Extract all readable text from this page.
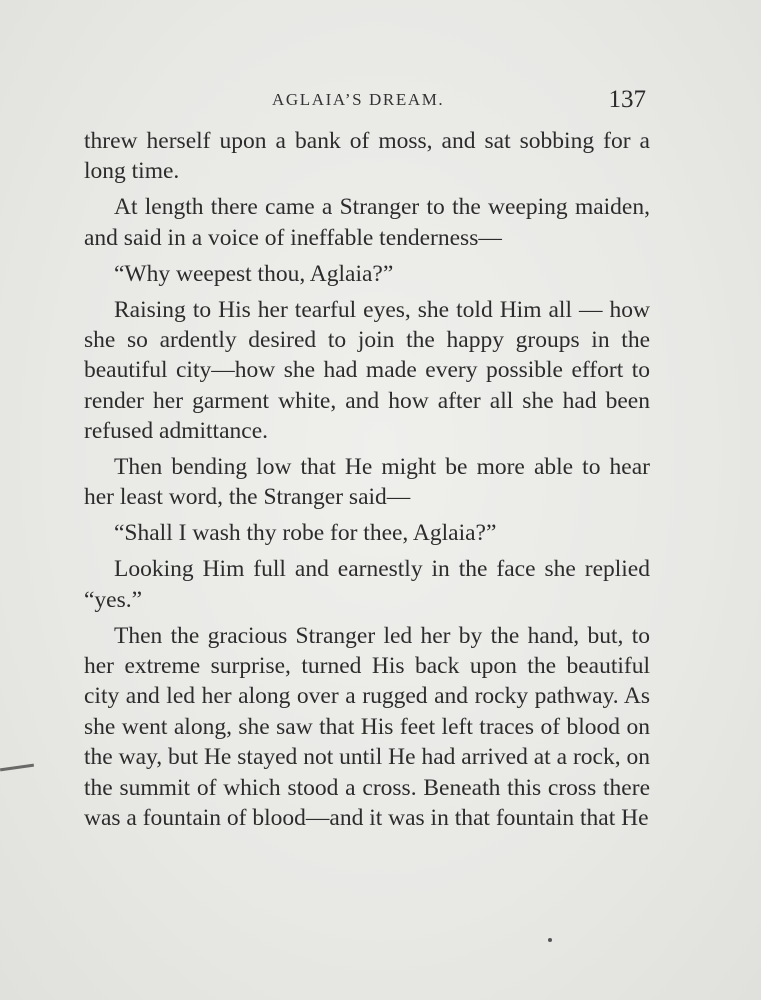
AGLAIA’S DREAM.	137

threw herself upon a bank of moss, and sat sobbing for a long time.

At length there came a Stranger to the weeping maiden, and said in a voice of ineffable tenderness—

“Why weepest thou, Aglaia?”

Raising to His her tearful eyes, she told Him all — how she so ardently desired to join the happy groups in the beautiful city—how she had made every possible effort to render her garment white, and how after all she had been refused admittance.

Then bending low that He might be more able to hear her least word, the Stranger said—

“Shall I wash thy robe for thee, Aglaia?”

Looking Him full and earnestly in the face she replied “yes.”

Then the gracious Stranger led her by the hand, but, to her extreme surprise, turned His back upon the beautiful city and led her along over a rugged and rocky pathway. As she went along, she saw that His feet left traces of blood on the way, but He stayed not until He had arrived at a rock, on the summit of which stood a cross. Beneath this cross there was a fountain of blood—and it was in that fountain that He
